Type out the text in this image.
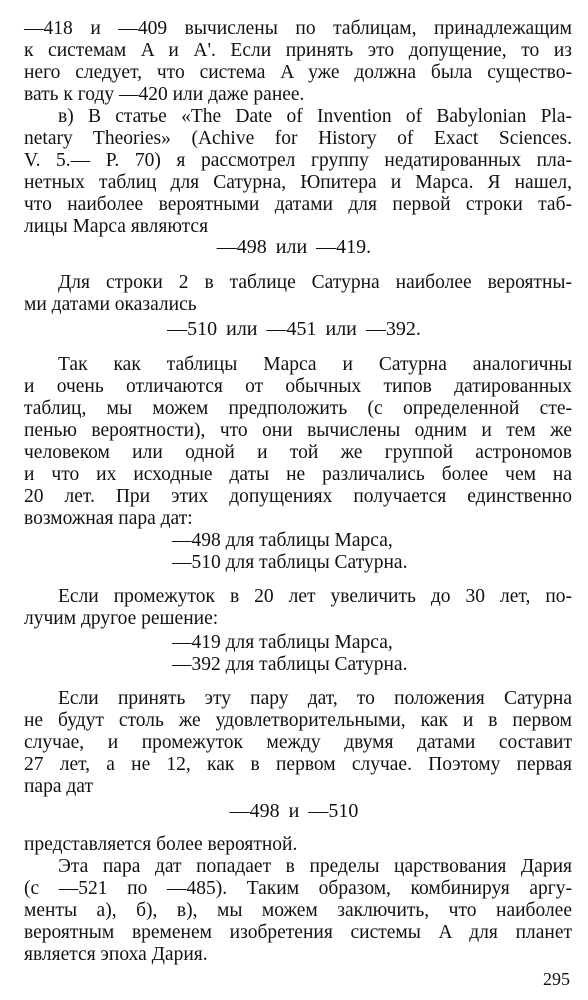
—418 и —409 вычислены по таблицам, принадлежащим
к системам A и A'. Если принять это допущение, то из
него следует, что система A уже должна была существо-
вать к году —420 или даже ранее.
в) В статье «The Date of Invention of Babylonian Pla-
netary Theories» (Achive for History of Exact Sciences.
V. 5.— P. 70) я рассмотрел группу недатированных пла-
нетных таблиц для Сатурна, Юпитера и Марса. Я нашел,
что наиболее вероятными датами для первой строки таб-
лицы Марса являются
—498 или —419.
Для строки 2 в таблице Сатурна наиболее вероятны-
ми датами оказались
—510 или —451 или —392.
Так как таблицы Марса и Сатурна аналогичны
и очень отличаются от обычных типов датированных
таблиц, мы можем предположить (с определенной сте-
пенью вероятности), что они вычислены одним и тем же
человеком или одной и той же группой астрономов
и что их исходные даты не различались более чем на
20 лет. При этих допущениях получается единственно
возможная пара дат:
—498 для таблицы Марса,
—510 для таблицы Сатурна.
Если промежуток в 20 лет увеличить до 30 лет, по-
лучим другое решение:
—419 для таблицы Марса,
—392 для таблицы Сатурна.
Если принять эту пару дат, то положения Сатурна
не будут столь же удовлетворительными, как и в первом
случае, и промежуток между двумя датами составит
27 лет, а не 12, как в первом случае. Поэтому первая
пара дат
—498 и —510
представляется более вероятной.
Эта пара дат попадает в пределы царствования Дария
(с —521 по —485). Таким образом, комбинируя аргу-
менты а), б), в), мы можем заключить, что наиболее
вероятным временем изобретения системы A для планет
является эпоха Дария.
295
